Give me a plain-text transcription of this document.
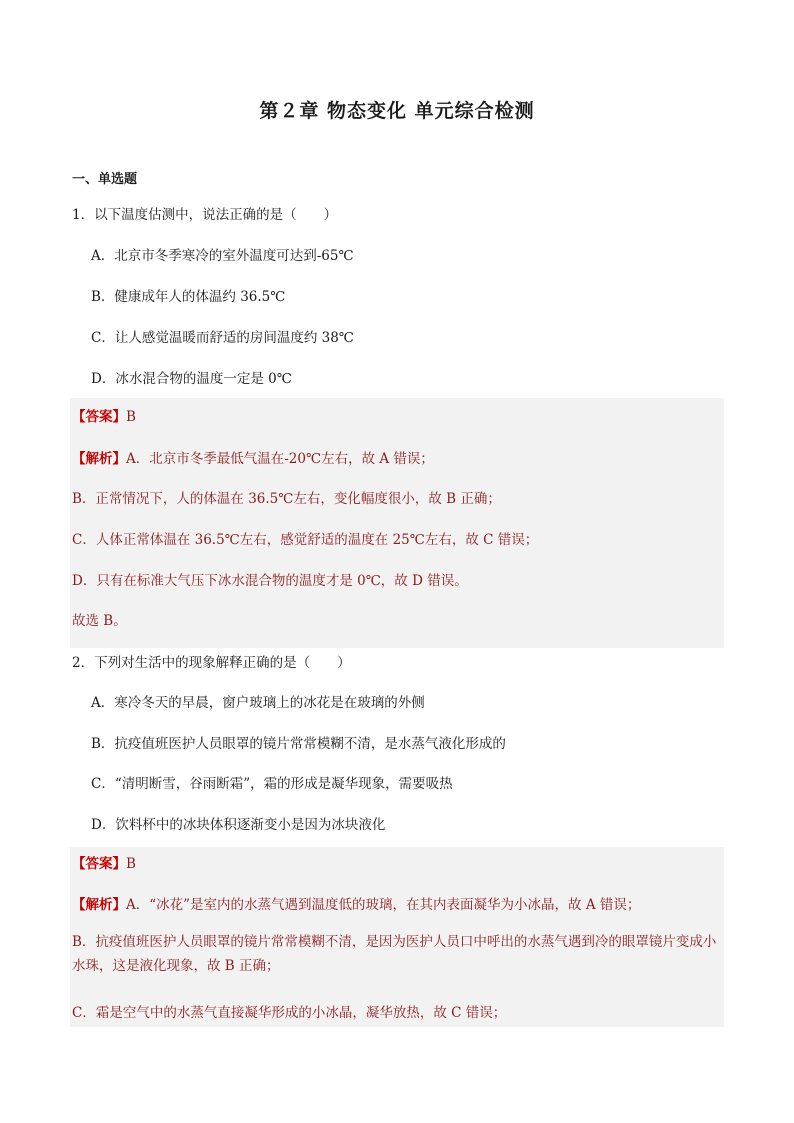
第２章 物态变化 单元综合检测
一、单选题
1．以下温度估测中，说法正确的是（　　）
A．北京市冬季寒冷的室外温度可达到-65℃
B．健康成年人的体温约 36.5℃
C．让人感觉温暖而舒适的房间温度约 38℃
D．冰水混合物的温度一定是 0℃
【答案】B
【解析】A．北京市冬季最低气温在-20℃左右，故 A 错误；
B．正常情况下，人的体温在 36.5℃左右，变化幅度很小，故 B 正确；
C．人体正常体温在 36.5℃左右，感觉舒适的温度在 25℃左右，故 C 错误；
D．只有在标准大气压下冰水混合物的温度才是 0℃，故 D 错误。
故选 B。
2．下列对生活中的现象解释正确的是（　　）
A．寒冷冬天的早晨，窗户玻璃上的冰花是在玻璃的外侧
B．抗疫值班医护人员眼罩的镜片常常模糊不清，是水蒸气液化形成的
C．“清明断雪，谷雨断霜”，霜的形成是凝华现象，需要吸热
D．饮料杯中的冰块体积逐渐变小是因为冰块液化
【答案】B
【解析】A．“冰花”是室内的水蒸气遇到温度低的玻璃，在其内表面凝华为小冰晶，故 A 错误；
B．抗疫值班医护人员眼罩的镜片常常模糊不清，是因为医护人员口中呼出的水蒸气遇到冷的眼罩镜片变成小水珠，这是液化现象，故 B 正确；
C．霜是空气中的水蒸气直接凝华形成的小冰晶，凝华放热，故 C 错误；
